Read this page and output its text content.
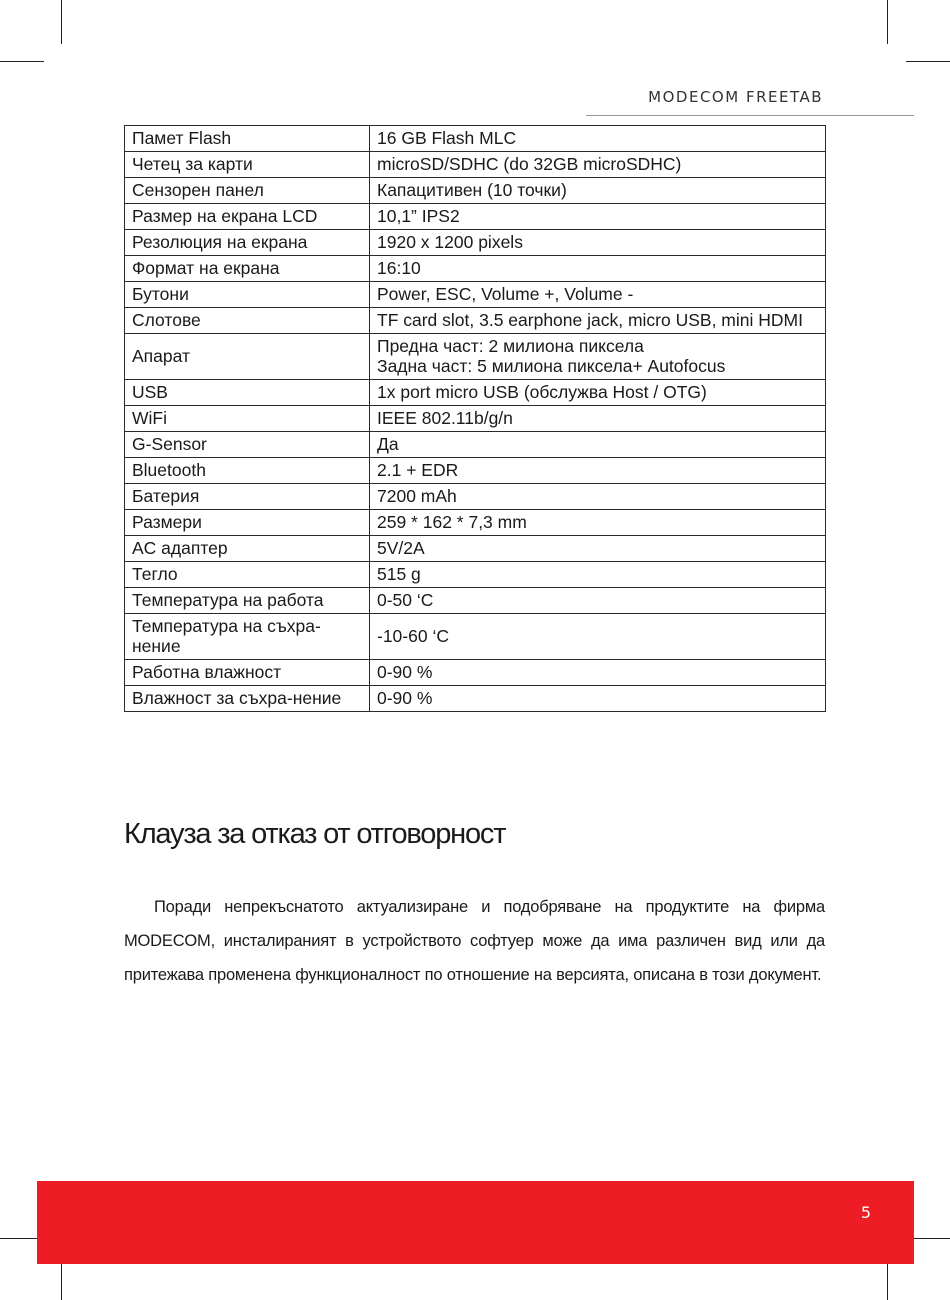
MODECOM FREETAB
Памет Flash	16 GB Flash MLC

Четец за карти	microSD/SDHC (do 32GB microSDHC)

Сензорен панел	Капацитивен (10 точки)

Размер на екрана LCD	10,1” IPS2

Резолюция на екрана	1920 x 1200 pixels

Формат на екрана	16:10

Бутони	Power, ESC, Volume +, Volume -

Слотове	TF card slot, 3.5 earphone jack, micro USB, mini HDMI

Апарат	Предна част: 2 милиона пиксела
Задна част: 5 милиона пиксела+ Autofocus

USB	1x port micro USB (обслужва Host / OTG)

WiFi	IEEE 802.11b/g/n

G-Sensor	Да

Bluetooth	2.1 + EDR

Батерия	7200 mAh

Размери	259 * 162 * 7,3 mm

AC адаптер	5V/2A

Тегло	515 g

Температура на работа	0-50 ‘C

Температура на съхра-нение	-10-60 ‘C

Работна влажност	0-90 %

Влажност за съхра-нение	0-90 %
Клауза за отказ от отговорност

Поради непрекъснатото актуализиране и подобряване на продуктите на фирма MODECOM, инсталираният в устройството софтуер може да има различен вид или да притежава променена функционалност по отношение на версията, описана в този документ.

5
